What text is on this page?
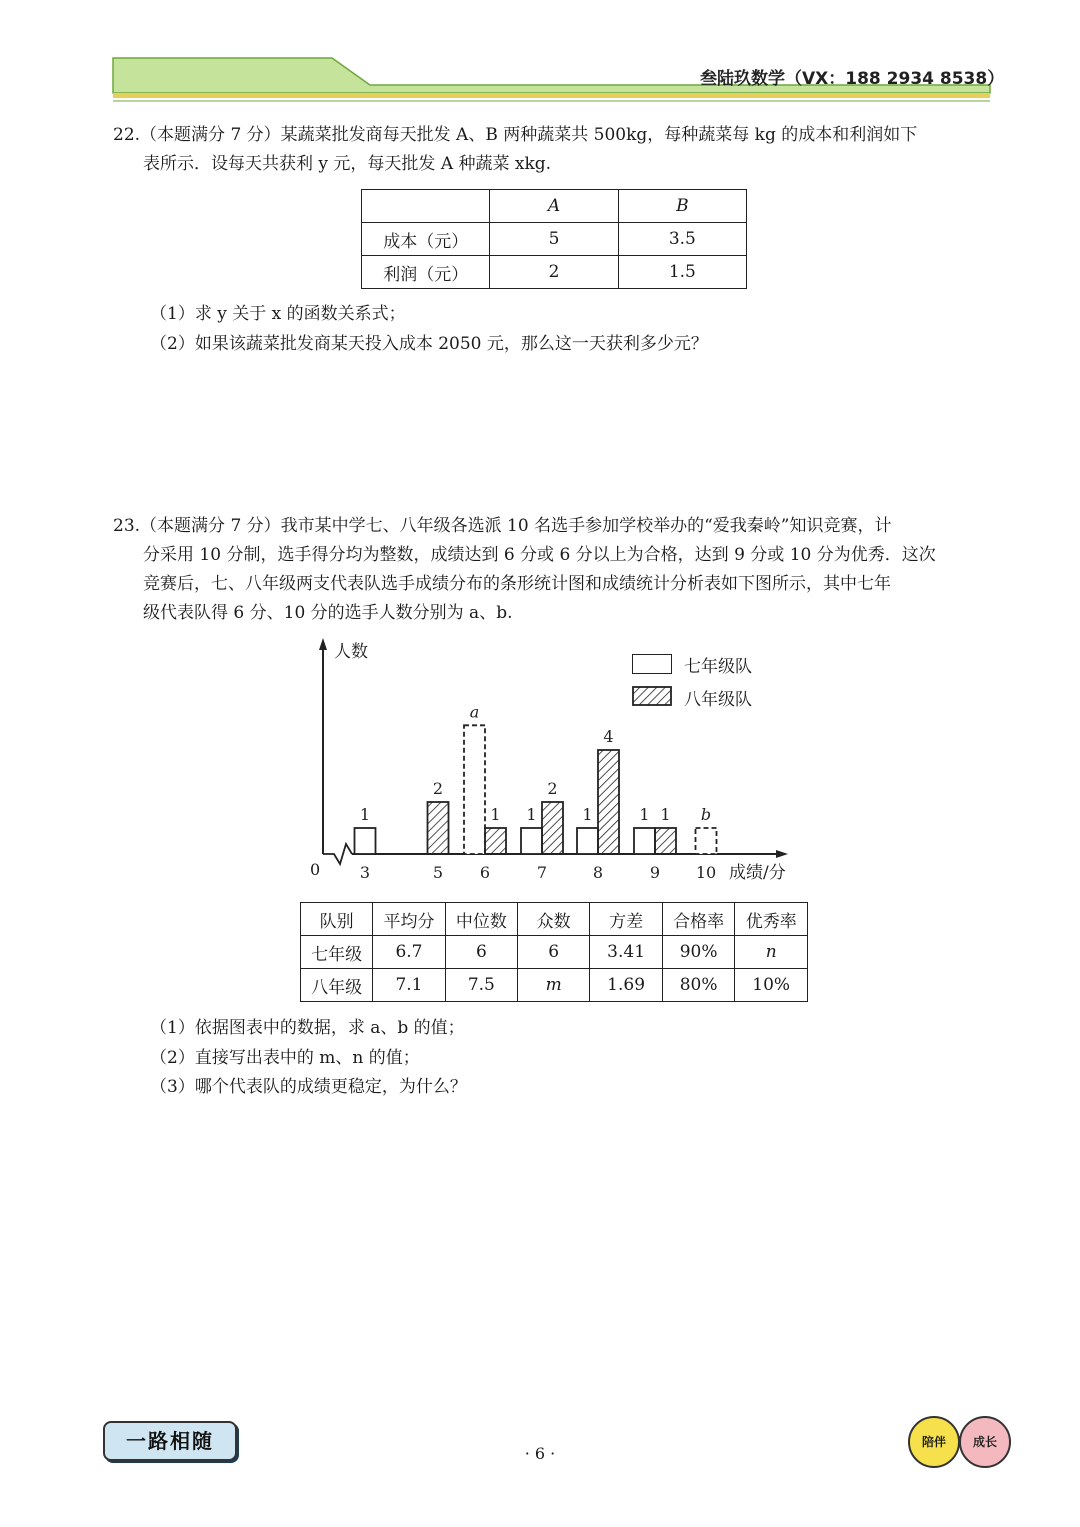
叁陆玖数学（VX：188 2934 8538）
22.（本题满分 7 分）某蔬菜批发商每天批发 A、B 两种蔬菜共 500kg，每种蔬菜每 kg 的成本和利润如下
表所示．设每天共获利 y 元，每天批发 A 种蔬菜 xkg.
	A	B
成本（元）	5	3.5
利润（元）	2	1.5
（1）求 y 关于 x 的函数关系式；
（2）如果该蔬菜批发商某天投入成本 2050 元，那么这一天获利多少元？
23.（本题满分 7 分）我市某中学七、八年级各选派 10 名选手参加学校举办的“爱我秦岭”知识竞赛，计
分采用 10 分制，选手得分均为整数，成绩达到 6 分或 6 分以上为合格，达到 9 分或 10 分为优秀．这次
竞赛后，七、八年级两支代表队选手成绩分布的条形统计图和成绩统计分析表如下图所示，其中七年
级代表队得 6 分、10 分的选手人数分别为 a、b.
3
1
5
2
6
a
1
7
1
2
8
1
4
9
1 1
10
b
七年级队
八年级队
人数
成绩/分
0
队别	平均分	中位数	众数	方差	合格率	优秀率
七年级	6.7	6	6	3.41	90%	n
八年级	7.1	7.5	m	1.69	80%	10%
（1）依据图表中的数据，求 a、b 的值；
（2）直接写出表中的 m、n 的值；
（3）哪个代表队的成绩更稳定，为什么？
一路相随
· 6 ·
陪伴	成长
